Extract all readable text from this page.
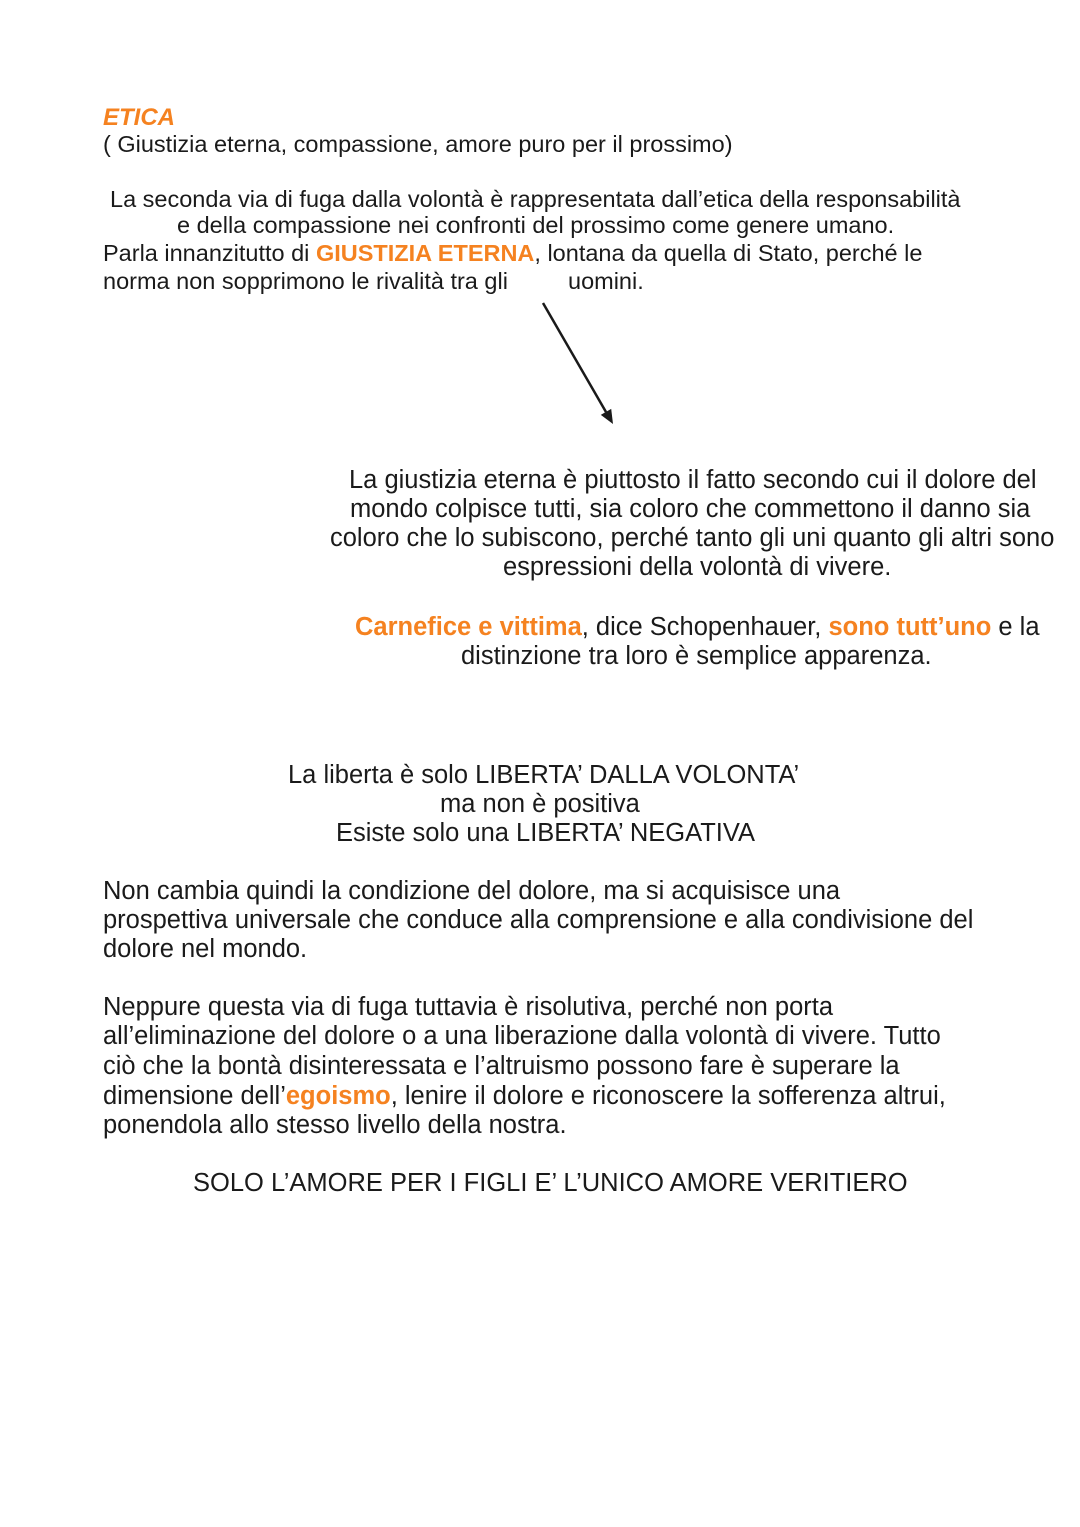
ETICA
( Giustizia eterna, compassione, amore puro per il prossimo)
La seconda via di fuga dalla volontà è rappresentata dall’etica della responsabilità
e della compassione nei confronti del prossimo come genere umano.
Parla innanzitutto di GIUSTIZIA ETERNA, lontana da quella di Stato, perché le
norma non sopprimono le rivalità tra gli	uomini.
La giustizia eterna è piuttosto il fatto secondo cui il dolore del
mondo colpisce tutti, sia coloro che commettono il danno sia
coloro che lo subiscono, perché tanto gli uni quanto gli altri sono
espressioni della volontà di vivere.
Carnefice e vittima, dice Schopenhauer, sono tutt’uno e la
distinzione tra loro è semplice apparenza.
La liberta è solo LIBERTA’ DALLA VOLONTA’
ma non è positiva
Esiste solo una LIBERTA’ NEGATIVA
Non cambia quindi la condizione del dolore, ma si acquisisce una
prospettiva universale che conduce alla comprensione e alla condivisione del
dolore nel mondo.
Neppure questa via di fuga tuttavia è risolutiva, perché non porta
all’eliminazione del dolore o a una liberazione dalla volontà di vivere. Tutto
ciò che la bontà disinteressata e l’altruismo possono fare è superare la
dimensione dell’egoismo, lenire il dolore e riconoscere la sofferenza altrui,
ponendola allo stesso livello della nostra.
SOLO L’AMORE PER I FIGLI E’ L’UNICO AMORE VERITIERO
